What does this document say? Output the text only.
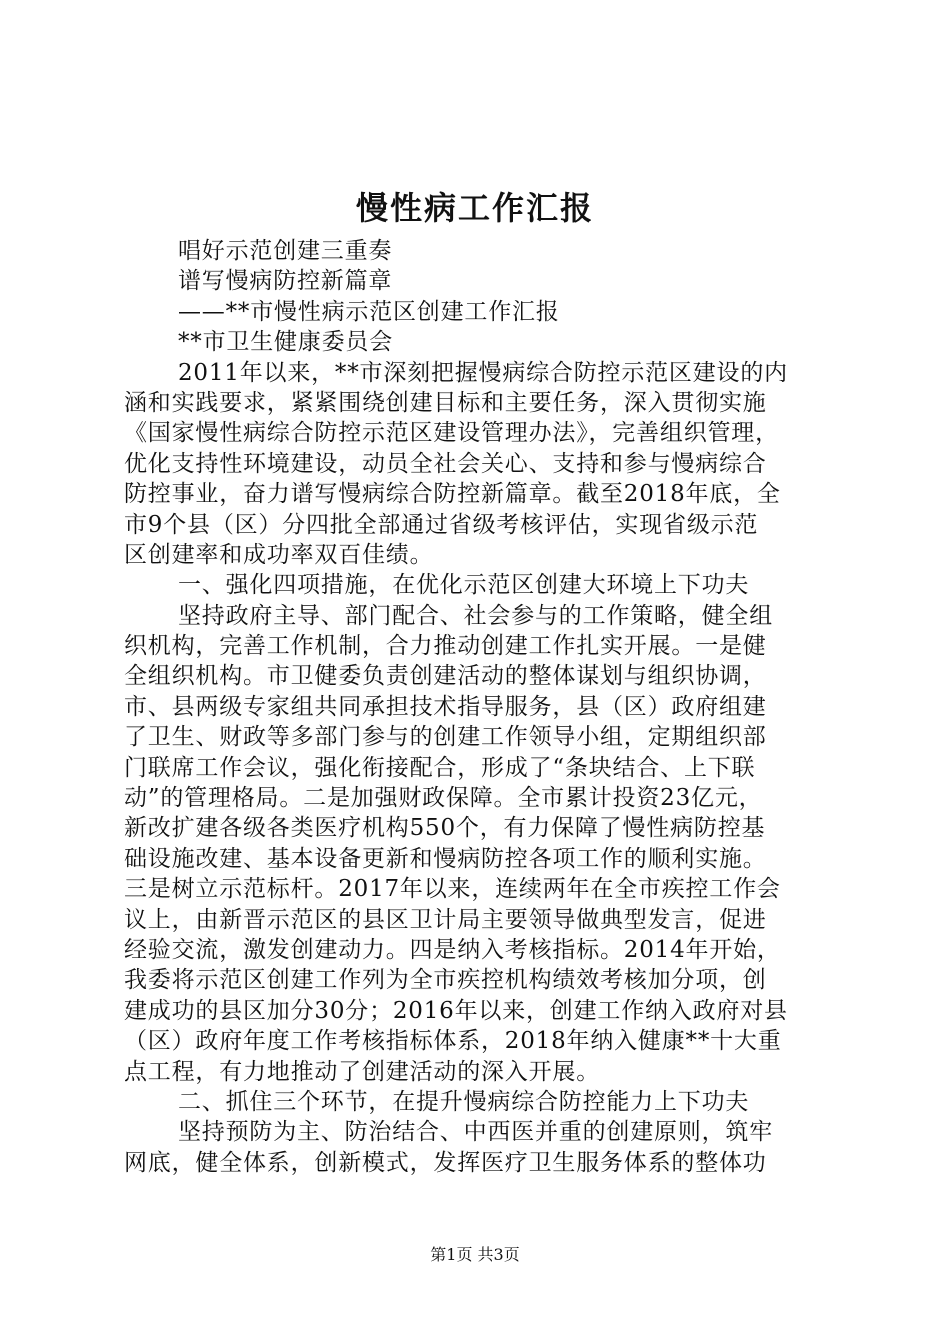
慢性病工作汇报
唱好示范创建三重奏
谱写慢病防控新篇章
——**市慢性病示范区创建工作汇报
**市卫生健康委员会
2011年以来，**市深刻把握慢病综合防控示范区建设的内
涵和实践要求，紧紧围绕创建目标和主要任务，深入贯彻实施
《国家慢性病综合防控示范区建设管理办法》，完善组织管理，
优化支持性环境建设，动员全社会关心、支持和参与慢病综合
防控事业，奋力谱写慢病综合防控新篇章。截至2018年底，全
市9个县（区）分四批全部通过省级考核评估，实现省级示范
区创建率和成功率双百佳绩。
一、强化四项措施，在优化示范区创建大环境上下功夫
坚持政府主导、部门配合、社会参与的工作策略，健全组
织机构，完善工作机制，合力推动创建工作扎实开展。一是健
全组织机构。市卫健委负责创建活动的整体谋划与组织协调，
市、县两级专家组共同承担技术指导服务，县（区）政府组建
了卫生、财政等多部门参与的创建工作领导小组，定期组织部
门联席工作会议，强化衔接配合，形成了“条块结合、上下联
动”的管理格局。二是加强财政保障。全市累计投资23亿元，
新改扩建各级各类医疗机构550个，有力保障了慢性病防控基
础设施改建、基本设备更新和慢病防控各项工作的顺利实施。
三是树立示范标杆。2017年以来，连续两年在全市疾控工作会
议上，由新晋示范区的县区卫计局主要领导做典型发言，促进
经验交流，激发创建动力。四是纳入考核指标。2014年开始，
我委将示范区创建工作列为全市疾控机构绩效考核加分项，创
建成功的县区加分30分；2016年以来，创建工作纳入政府对县
（区）政府年度工作考核指标体系，2018年纳入健康**十大重
点工程，有力地推动了创建活动的深入开展。
二、抓住三个环节，在提升慢病综合防控能力上下功夫
坚持预防为主、防治结合、中西医并重的创建原则，筑牢
网底，健全体系，创新模式，发挥医疗卫生服务体系的整体功
第1页 共3页
